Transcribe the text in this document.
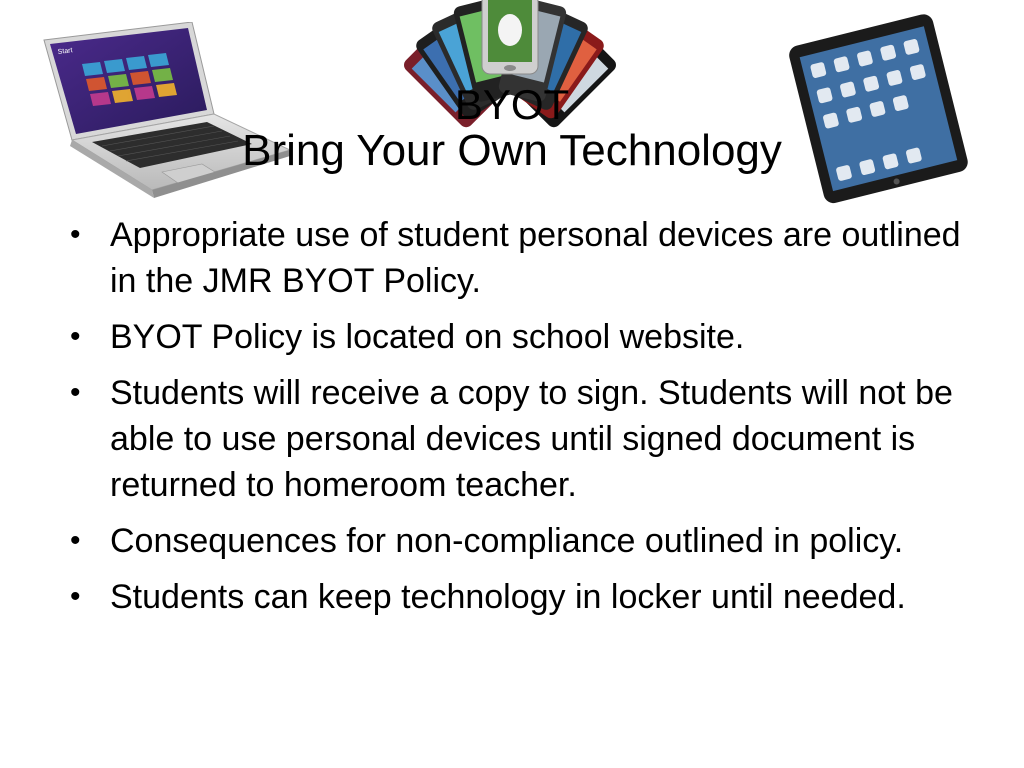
Start
BYOT
Bring Your Own Technology
• Appropriate use of student personal devices are outlined in the JMR BYOT Policy.
• BYOT Policy is located on school website.
• Students will receive a copy to sign. Students will not be able to use personal devices until signed document is returned to homeroom teacher.
• Consequences for non-compliance outlined in policy.
• Students can keep technology in locker until needed.
